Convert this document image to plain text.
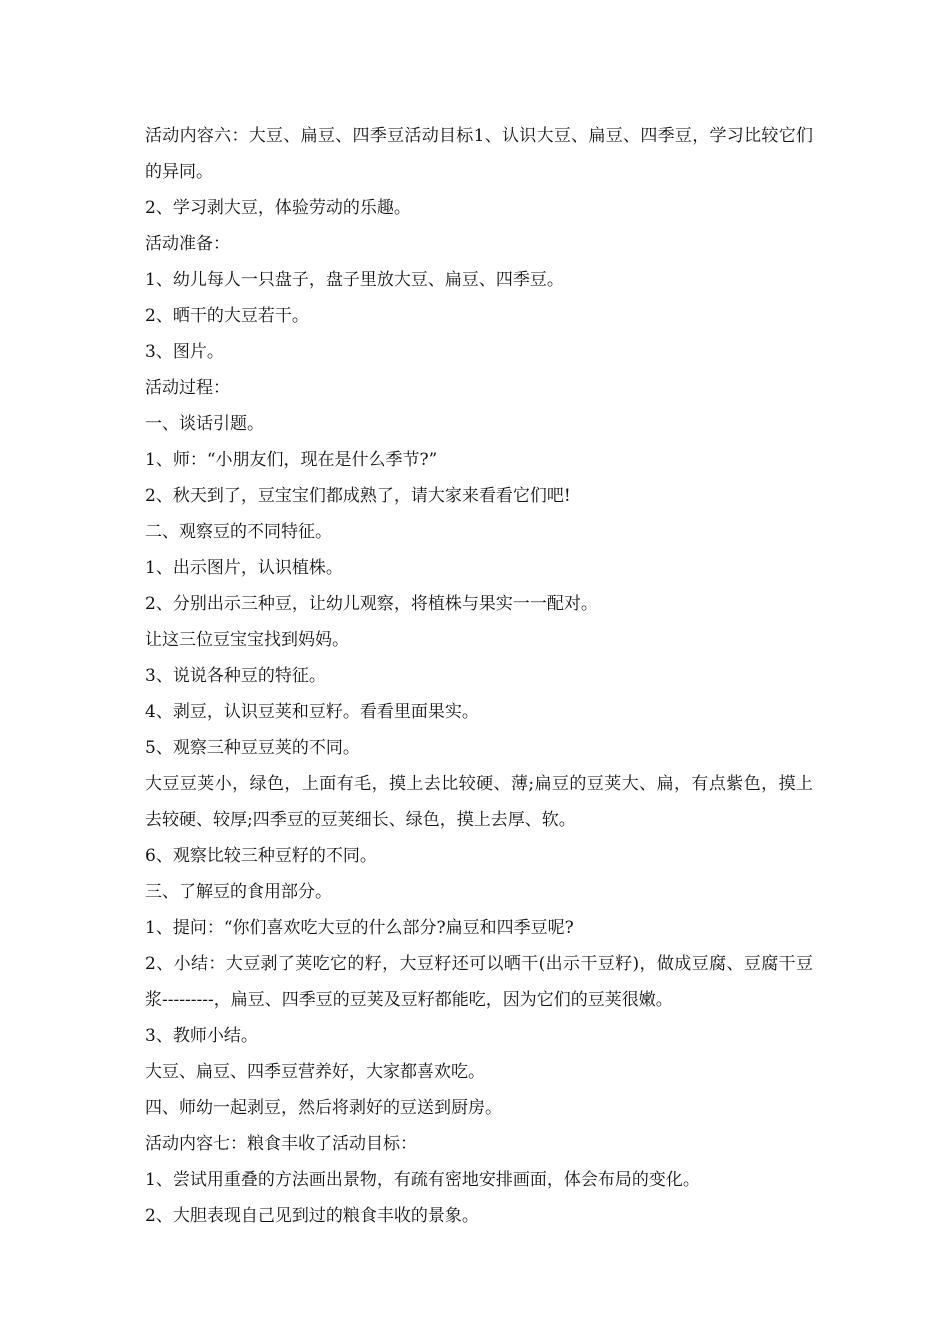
活动内容六：大豆、扁豆、四季豆活动目标1、认识大豆、扁豆、四季豆，学习比较它们的异同。

2、学习剥大豆，体验劳动的乐趣。

活动准备：

1、幼儿每人一只盘子，盘子里放大豆、扁豆、四季豆。

2、晒干的大豆若干。

3、图片。

活动过程：

一、谈话引题。

1、师：“小朋友们，现在是什么季节?”

2、秋天到了，豆宝宝们都成熟了，请大家来看看它们吧!

二、观察豆的不同特征。

1、出示图片，认识植株。

2、分别出示三种豆，让幼儿观察，将植株与果实一一配对。

让这三位豆宝宝找到妈妈。

3、说说各种豆的特征。

4、剥豆，认识豆荚和豆籽。看看里面果实。

5、观察三种豆豆荚的不同。

大豆豆荚小，绿色，上面有毛，摸上去比较硬、薄;扁豆的豆荚大、扁，有点紫色，摸上去较硬、较厚;四季豆的豆荚细长、绿色，摸上去厚、软。

6、观察比较三种豆籽的不同。

三、了解豆的食用部分。

1、提问：“你们喜欢吃大豆的什么部分?扁豆和四季豆呢?

2、小结：大豆剥了荚吃它的籽，大豆籽还可以晒干(出示干豆籽)，做成豆腐、豆腐干豆浆---------，扁豆、四季豆的豆荚及豆籽都能吃，因为它们的豆荚很嫩。

3、教师小结。

大豆、扁豆、四季豆营养好，大家都喜欢吃。

四、师幼一起剥豆，然后将剥好的豆送到厨房。

活动内容七：粮食丰收了活动目标：

1、尝试用重叠的方法画出景物，有疏有密地安排画面，体会布局的变化。

2、大胆表现自己见到过的粮食丰收的景象。
